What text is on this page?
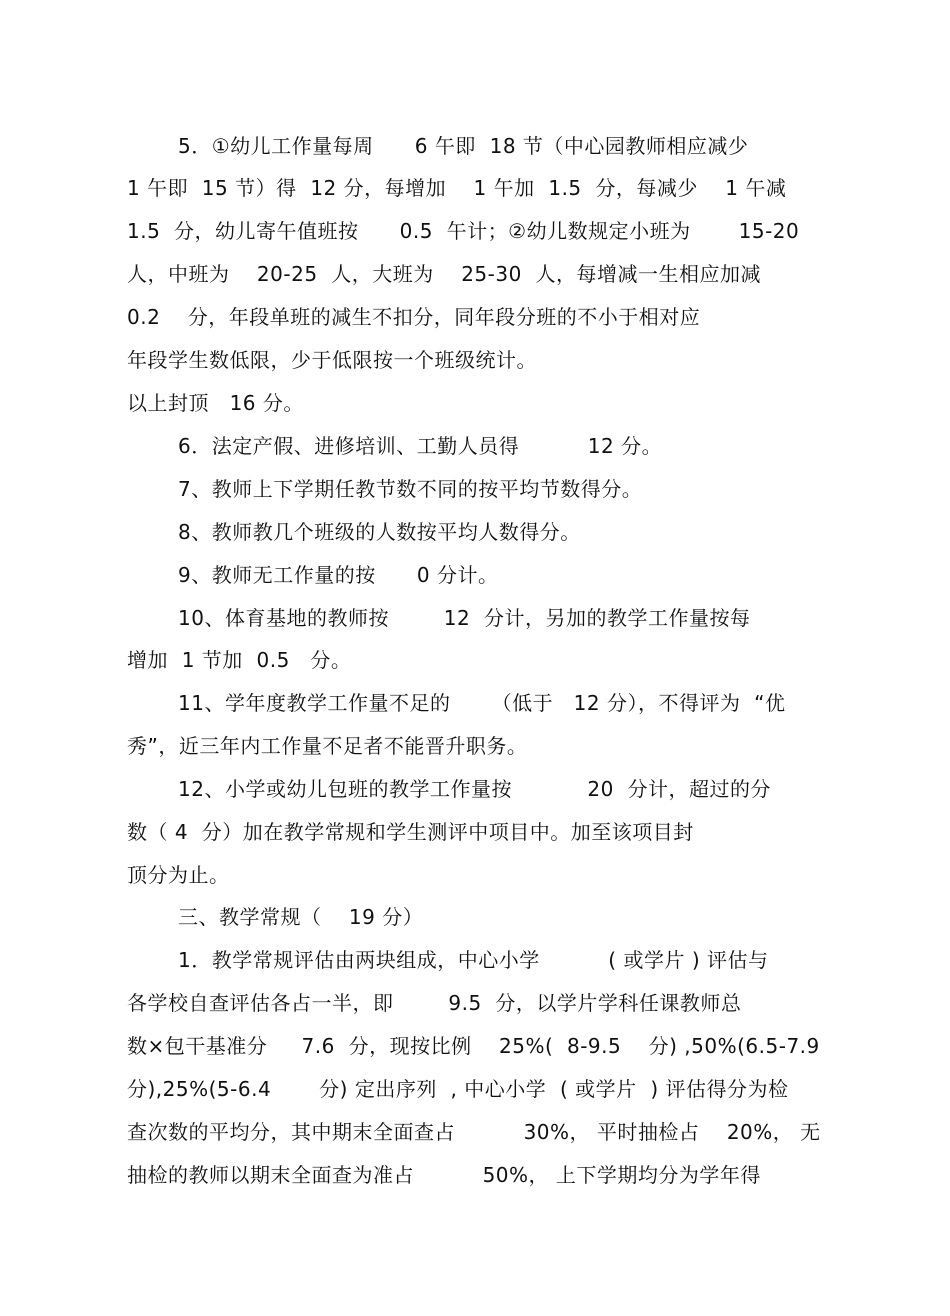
5．①幼儿工作量每周      6 午即  18 节（中心园教师相应减少
1 午即  15 节）得  12 分，每增加    1 午加  1.5  分，每减少    1 午减
1.5  分，幼儿寄午值班按      0.5  午计；②幼儿数规定小班为       15-20
人，中班为    20-25  人，大班为    25-30  人，每增减一生相应加减
0.2    分，年段单班的减生不扣分，同年段分班的不小于相对应
年段学生数低限，少于低限按一个班级统计。
以上封顶   16 分。
6．法定产假、进修培训、工勤人员得          12 分。
7、教师上下学期任教节数不同的按平均节数得分。
8、教师教几个班级的人数按平均人数得分。
9、教师无工作量的按      0 分计。
10、体育基地的教师按        12  分计，另加的教学工作量按每
增加  1 节加  0.5   分。
11、学年度教学工作量不足的      （低于   12 分），不得评为  “优
秀”，近三年内工作量不足者不能晋升职务。
12、小学或幼儿包班的教学工作量按           20  分计，超过的分
数（ 4  分）加在教学常规和学生测评中项目中。加至该项目封
顶分为止。
三、教学常规（    19 分）
1．教学常规评估由两块组成，中心小学          ( 或学片 ) 评估与
各学校自查评估各占一半，即        9.5  分，以学片学科任课教师总
数×包干基准分     7.6  分，现按比例    25%(  8-9.5    分) ,50%(6.5-7.9
分),25%(5-6.4       分) 定出序列  , 中心小学  ( 或学片  ) 评估得分为检
查次数的平均分，其中期末全面查占          30%， 平时抽检占    20%， 无
抽检的教师以期末全面查为准占          50%， 上下学期均分为学年得
